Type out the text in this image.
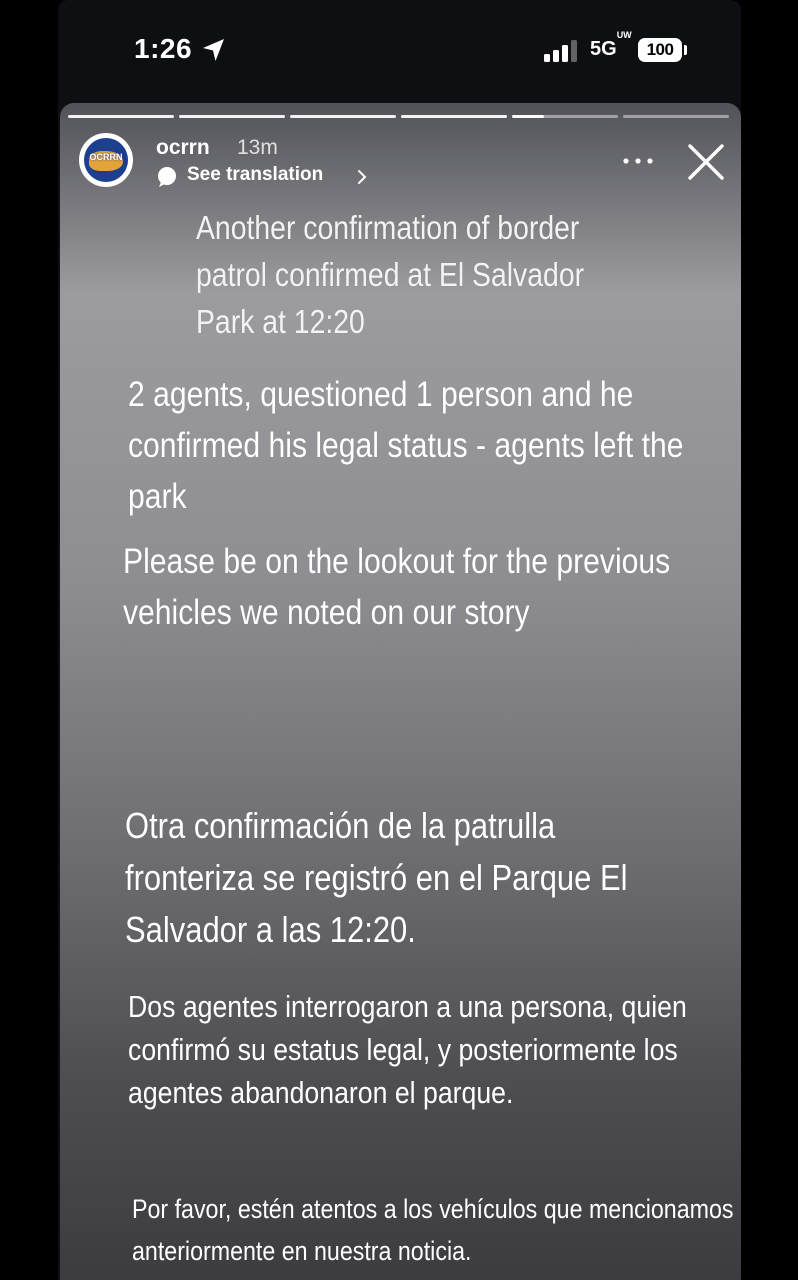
1:26	$5G^{UW}$
100
OCRRN ocrrn 13m
See translation

Another confirmation of border patrol confirmed at El Salvador Park at 12:20

2 agents, questioned 1 person and he confirmed his legal status - agents left the park

Please be on the lookout for the previous vehicles we noted on our story

Otra confirmación de la patrulla fronteriza se registró en el Parque El Salvador a las 12:20.

Dos agentes interrogaron a una persona, quien confirmó su estatus legal, y posteriormente los agentes abandonaron el parque.

Por favor, estén atentos a los vehículos que mencionamos anteriormente en nuestra noticia.
